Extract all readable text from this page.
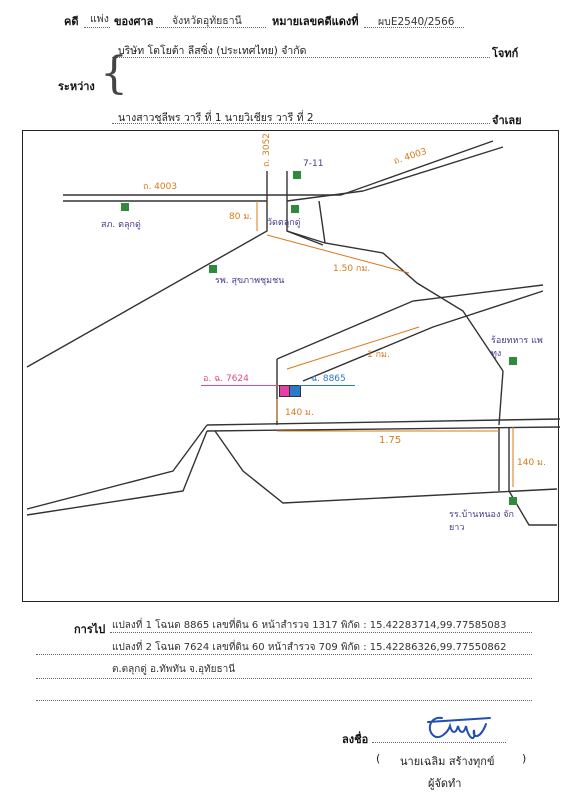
คดี แพ่ง ของศาล จังหวัดอุทัยธานี	หมายเลขคดีแดงที่ ผบE2540/2566
บริษัท โตโยต้า ลีสซิ่ง (ประเทศไทย) จำกัด	โจทก์
ระหว่าง {
นางสาวชุลีพร วารี ที่ 1 นายวิเชียร วารี ที่ 2	จำเลย
ถ. 4003
ถ. 4003
ถ. 3052	7-11
สภ. ตลุกดู่	วัดตลุกดู่
80 ม.
รพ. สุขภาพชุมชน
1.50 กม.
1 กม.
ร้อยทหาร แพทุง
อ. ฉ. 7624	ฉ. 8865
140 ม.
1.75
140 ม.
รร.บ้านหนอง จักยาว
การไป แปลงที่ 1 โฉนด 8865 เลขที่ดิน 6 หน้าสำรวจ 1317 พิกัด : 15.42283714,99.77585083
แปลงที่ 2 โฉนด 7624 เลขที่ดิน 60 หน้าสำรวจ 709 พิกัด : 15.42286326,99.77550862
ต.ตลุกดู่ อ.ทัพทัน จ.อุทัยธานี
ลงชื่อ
( นายเฉลิม สร้างทุกข์	)
ผู้จัดทำ
